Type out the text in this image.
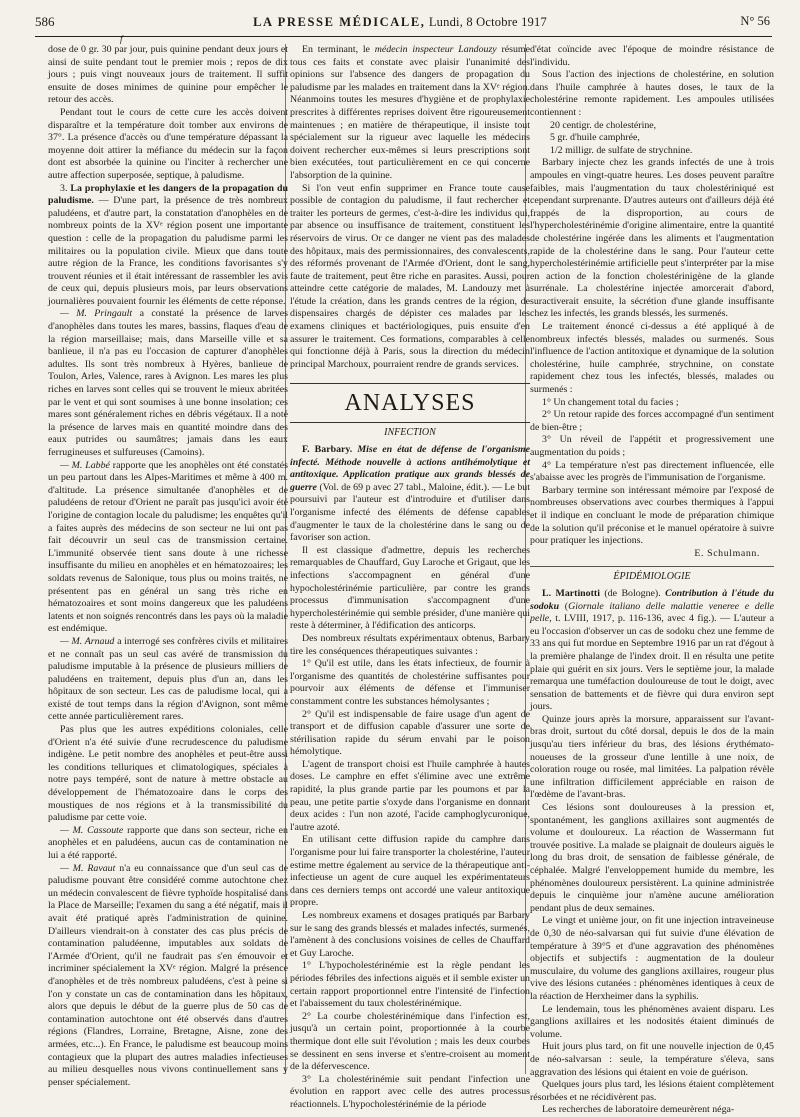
586	LA PRESSE MÉDICALE, Lundi, 8 Octobre 1917	N° 56
f

dose de 0 gr. 30 par jour, puis quinine pendant deux jours et ainsi de suite pendant tout le premier mois ; repos de dix jours ; puis vingt nouveaux jours de traitement. Il suffit ensuite de doses minimes de quinine pour empêcher le retour des accès.

Pendant tout le cours de cette cure les accès doivent disparaître et la température doit tomber aux environs de 37°. La présence d'accès ou d'une température dépassant la moyenne doit attirer la méfiance du médecin sur la façon dont est absorbée la quinine ou l'inciter à rechercher une autre affection superposée, septique, à paludisme.

3. La prophylaxie et les dangers de la propagation du paludisme. — D'une part, la présence de très nombreux paludéens, et d'autre part, la constatation d'anophèles en de nombreux points de la XVᵉ région posent une importante question : celle de la propagation du paludisme parmi les militaires ou la population civile. Mieux que dans toute autre région de la France, les conditions favorisantes s'y trouvent réunies et il était intéressant de rassembler les avis de ceux qui, depuis plusieurs mois, par leurs observations journalières pouvaient fournir les éléments de cette réponse.

— M. Pringault a constaté la présence de larves d'anophèles dans toutes les mares, bassins, flaques d'eau de la région marseillaise; mais, dans Marseille ville et sa banlieue, il n'a pas eu l'occasion de capturer d'anophèles adultes. Ils sont très nombreux à Hyères, banlieue de Toulon, Arles, Valence, rares à Avignon. Les mares les plus riches en larves sont celles qui se trouvent le mieux abritées par le vent et qui sont soumises à une bonne insolation; ces mares sont généralement riches en débris végétaux. Il a noté la présence de larves mais en quantité moindre dans des eaux putrides ou saumâtres; jamais dans les eaux ferrugineuses et sulfureuses (Camoins).

— M. Labbé rapporte que les anophèles ont été constatés un peu partout dans les Alpes-Maritimes et même à 400 m. d'altitude. La présence simultanée d'anophèles et de paludéens de retour d'Orient ne paraît pas jusqu'ici avoir été l'origine de contagion locale du paludisme; les enquêtes qu'il a faites auprès des médecins de son secteur ne lui ont pas fait découvrir un seul cas de transmission certaine. L'immunité observée tient sans doute à une richesse insuffisante du milieu en anophèles et en hématozoaires; les soldats revenus de Salonique, tous plus ou moins traités, ne présentent pas en général un sang très riche en hématozoaires et sont moins dangereux que les paludéens latents et non soignés rencontrés dans les pays où la maladie est endémique.

— M. Arnaud a interrogé ses confrères civils et militaires et ne connaît pas un seul cas avéré de transmission du paludisme imputable à la présence de plusieurs milliers de paludéens en traitement, depuis plus d'un an, dans les hôpitaux de son secteur. Les cas de paludisme local, qui a existé de tout temps dans la région d'Avignon, sont même cette année particulièrement rares.

Pas plus que les autres expéditions coloniales, celle d'Orient n'a été suivie d'une recrudescence du paludisme indigène. Le petit nombre des anophèles et peut-être aussi les conditions telluriques et climatologiques, spéciales à notre pays tempéré, sont de nature à mettre obstacle au développement de l'hématozoaire dans le corps des moustiques de nos régions et à la transmissibilité du paludisme par cette voie.

— M. Cassoute rapporte que dans son secteur, riche en anophèles et en paludéens, aucun cas de contamination ne lui a été rapporté.

— M. Ravaut n'a eu connaissance que d'un seul cas de paludisme pouvant être considéré comme autochtone chez un médecin convalescent de fièvre typhoïde hospitalisé dans la Place de Marseille; l'examen du sang a été négatif, mais il avait été pratiqué après l'administration de quinine. D'ailleurs viendrait-on à constater des cas plus précis de contamination paludéenne, imputables aux soldats de l'Armée d'Orient, qu'il ne faudrait pas s'en émouvoir et incriminer spécialement la XVᵉ région. Malgré la présence d'anophèles et de très nombreux paludéens, c'est à peine si l'on y constate un cas de contamination dans les hôpitaux, alors que depuis le début de la guerre plus de 50 cas de contamination autochtone ont été observés dans d'autres régions (Flandres, Lorraine, Bretagne, Aisne, zone des armées, etc...). En France, le paludisme est beaucoup moins contagieux que la plupart des autres maladies infectieuses au milieu desquelles nous vivons continuellement sans y penser spécialement.

En terminant, le médecin inspecteur Landouzy résume tous ces faits et constate avec plaisir l'unanimité des opinions sur l'absence des dangers de propagation du paludisme par les malades en traitement dans la XVᵉ région. Néanmoins toutes les mesures d'hygiène et de prophylaxie prescrites à différentes reprises doivent être rigoureusement maintenues ; en matière de thérapeutique, il insiste tout spécialement sur la rigueur avec laquelle les médecins doivent rechercher eux-mêmes si leurs prescriptions sont bien exécutées, tout particulièrement en ce qui concerne l'absorption de la quinine.

Si l'on veut enfin supprimer en France toute cause possible de contagion du paludisme, il faut rechercher et traiter les porteurs de germes, c'est-à-dire les individus qui, par absence ou insuffisance de traitement, constituent les réservoirs de virus. Or ce danger ne vient pas des malades des hôpitaux, mais des permissionnaires, des convalescents, des réformés provenant de l'Armée d'Orient, dont le sang, faute de traitement, peut être riche en parasites. Aussi, pour atteindre cette catégorie de malades, M. Landouzy met à l'étude la création, dans les grands centres de la région, de dispensaires chargés de dépister ces malades par les examens cliniques et bactériologiques, puis ensuite d'en assurer le traitement. Ces formations, comparables à celle qui fonctionne déjà à Paris, sous la direction du médecin principal Marchoux, pourraient rendre de grands services.

ANALYSES
INFECTION

F. Barbary. Mise en état de défense de l'organisme infecté. Méthode nouvelle à actions antihémolytique et antitoxique. Application pratique aux grands blessés de guerre (Vol. de 69 p avec 27 tabl., Maloine, édit.). — Le but poursuivi par l'auteur est d'introduire et d'utiliser dans l'organisme infecté des éléments de défense capables d'augmenter le taux de la cholestérine dans le sang ou de favoriser son action.

Il est classique d'admettre, depuis les recherches remarquables de Chauffard, Guy Laroche et Grigaut, que les infections s'accompagnent en général d'une hypocholestérinémie particulière, par contre les grands processus d'immunisation s'accompagnent d'une hypercholestérinémie qui semble présider, d'une manière qui reste à déterminer, à l'édification des anticorps.

Des nombreux résultats expérimentaux obtenus, Barbary tire les conséquences thérapeutiques suivantes :

1° Qu'il est utile, dans les états infectieux, de fournir à l'organisme des quantités de cholestérine suffisantes pour pourvoir aux éléments de défense et l'immuniser constamment contre les substances hémolysantes ;

2° Qu'il est indispensable de faire usage d'un agent de transport et de diffusion capable d'assurer une sorte de stérilisation rapide du sérum envahi par le poison hémolytique.

L'agent de transport choisi est l'huile camphrée à hautes doses. Le camphre en effet s'élimine avec une extrême rapidité, la plus grande partie par les poumons et par la peau, une petite partie s'oxyde dans l'organisme en donnant deux acides : l'un non azoté, l'acide camphoglycuronique, l'autre azoté.

En utilisant cette diffusion rapide du camphre dans l'organisme pour lui faire transporter la cholestérine, l'auteur estime mettre également au service de la thérapeutique anti-infectieuse un agent de cure auquel les expérimentateurs dans ces derniers temps ont accordé une valeur antitoxique propre.

Les nombreux examens et dosages pratiqués par Barbary sur le sang des grands blessés et malades infectés, surmenés, l'amènent à des conclusions voisines de celles de Chauffard et Guy Laroche.

1° L'hypocholestérinémie est la règle pendant les périodes fébriles des infections aiguës et il semble exister un certain rapport proportionnel entre l'intensité de l'infection et l'abaissement du taux cholestérinémique.

2° La courbe cholestérinémique dans l'infection est, jusqu'à un certain point, proportionnée à la courbe thermique dont elle suit l'évolution ; mais les deux courbes se dessinent en sens inverse et s'entre-croisent au moment de la défervescence.

3° La cholestérinémie suit pendant l'infection une évolution en rapport avec celle des autres processus réactionnels. L'hypocholestérinémie de la période

d'état coïncide avec l'époque de moindre résistance de l'individu.

Sous l'action des injections de cholestérine, en solution dans l'huile camphrée à hautes doses, le taux de la cholestérine remonte rapidement. Les ampoules utilisées contiennent :

20 centigr. de cholestérine,

5 gr. d'huile camphrée,

1/2 milligr. de sulfate de strychnine.

Barbary injecte chez les grands infectés de une à trois ampoules en vingt-quatre heures. Les doses peuvent paraître faibles, mais l'augmentation du taux cholestériniqué est cependant surprenante. D'autres auteurs ont d'ailleurs déjà été frappés de la disproportion, au cours de l'hypercholestérinémie d'origine alimentaire, entre la quantité de cholestérine ingérée dans les aliments et l'augmentation rapide de la cholestérine dans le sang. Pour l'auteur cette hypercholestérinémie artificielle peut s'interpréter par la mise en action de la fonction cholestérinigène de la glande surrénale. La cholestérine injectée amorcerait d'abord, suractiverait ensuite, la sécrétion d'une glande insuffisante chez les infectés, les grands blessés, les surmenés.

Le traitement énoncé ci-dessus a été appliqué à de nombreux infectés blessés, malades ou surmenés. Sous l'influence de l'action antitoxique et dynamique de la solution cholestérine, huile camphrée, strychnine, on constate rapidement chez tous les infectés, blessés, malades ou surmenés :

1° Un changement total du facies ;

2° Un retour rapide des forces accompagné d'un sentiment de bien-être ;

3° Un réveil de l'appétit et progressivement une augmentation du poids ;

4° La température n'est pas directement influencée, elle s'abaisse avec les progrès de l'immunisation de l'organisme.

Barbary termine son intéressant mémoire par l'exposé de nombreuses observations avec courbes thermiques à l'appui et il indique en concluant le mode de préparation chimique de la solution qu'il préconise et le manuel opératoire à suivre pour pratiquer les injections.

E. Schulmann.

ÉPIDÉMIOLOGIE

L. Martinotti (de Bologne). Contribution à l'étude du sodoku (Giornale italiano delle malattie veneree e delle pelle, t. LVIII, 1917, p. 116-136, avec 4 fig.). — L'auteur a eu l'occasion d'observer un cas de sodoku chez une femme de 33 ans qui fut mordue en Septembre 1916 par un rat d'égout à la première phalange de l'index droit. Il en résulta une petite plaie qui guérit en six jours. Vers le septième jour, la malade remarqua une tuméfaction douloureuse de tout le doigt, avec sensation de battements et de fièvre qui dura environ sept jours.

Quinze jours après la morsure, apparaissent sur l'avant-bras droit, surtout du côté dorsal, depuis le dos de la main jusqu'au tiers inférieur du bras, des lésions érythémato-noueuses de la grosseur d'une lentille à une noix, de coloration rouge ou rosée, mal limitées. La palpation révèle une infiltration difficilement appréciable en raison de l'œdème de l'avant-bras.

Ces lésions sont douloureuses à la pression et, spontanément, les ganglions axillaires sont augmentés de volume et douloureux. La réaction de Wassermann fut trouvée positive. La malade se plaignait de douleurs aiguës le long du bras droit, de sensation de faiblesse générale, de céphalée. Malgré l'enveloppement humide du membre, les phénomènes douloureux persistèrent. La quinine administrée depuis le cinquième jour n'amène aucune amélioration pendant plus de deux semaines.

Le vingt et unième jour, on fit une injection intraveineuse de 0,30 de néo-salvarsan qui fut suivie d'une élévation de température à 39°5 et d'une aggravation des phénomènes objectifs et subjectifs : augmentation de la douleur musculaire, du volume des ganglions axillaires, rougeur plus vive des lésions cutanées : phénomènes identiques à ceux de la réaction de Herxheimer dans la syphilis.

Le lendemain, tous les phénomènes avaient disparu. Les ganglions axillaires et les nodosités étaient diminués de volume.

Huit jours plus tard, on fit une nouvelle injection de 0,45 de néo-salvarsan : seule, la température s'éleva, sans aggravation des lésions qui étaient en voie de guérison.

Quelques jours plus tard, les lésions étaient complètement résorbées et ne récidivèrent pas.

Les recherches de laboratoire demeurèrent néga-
